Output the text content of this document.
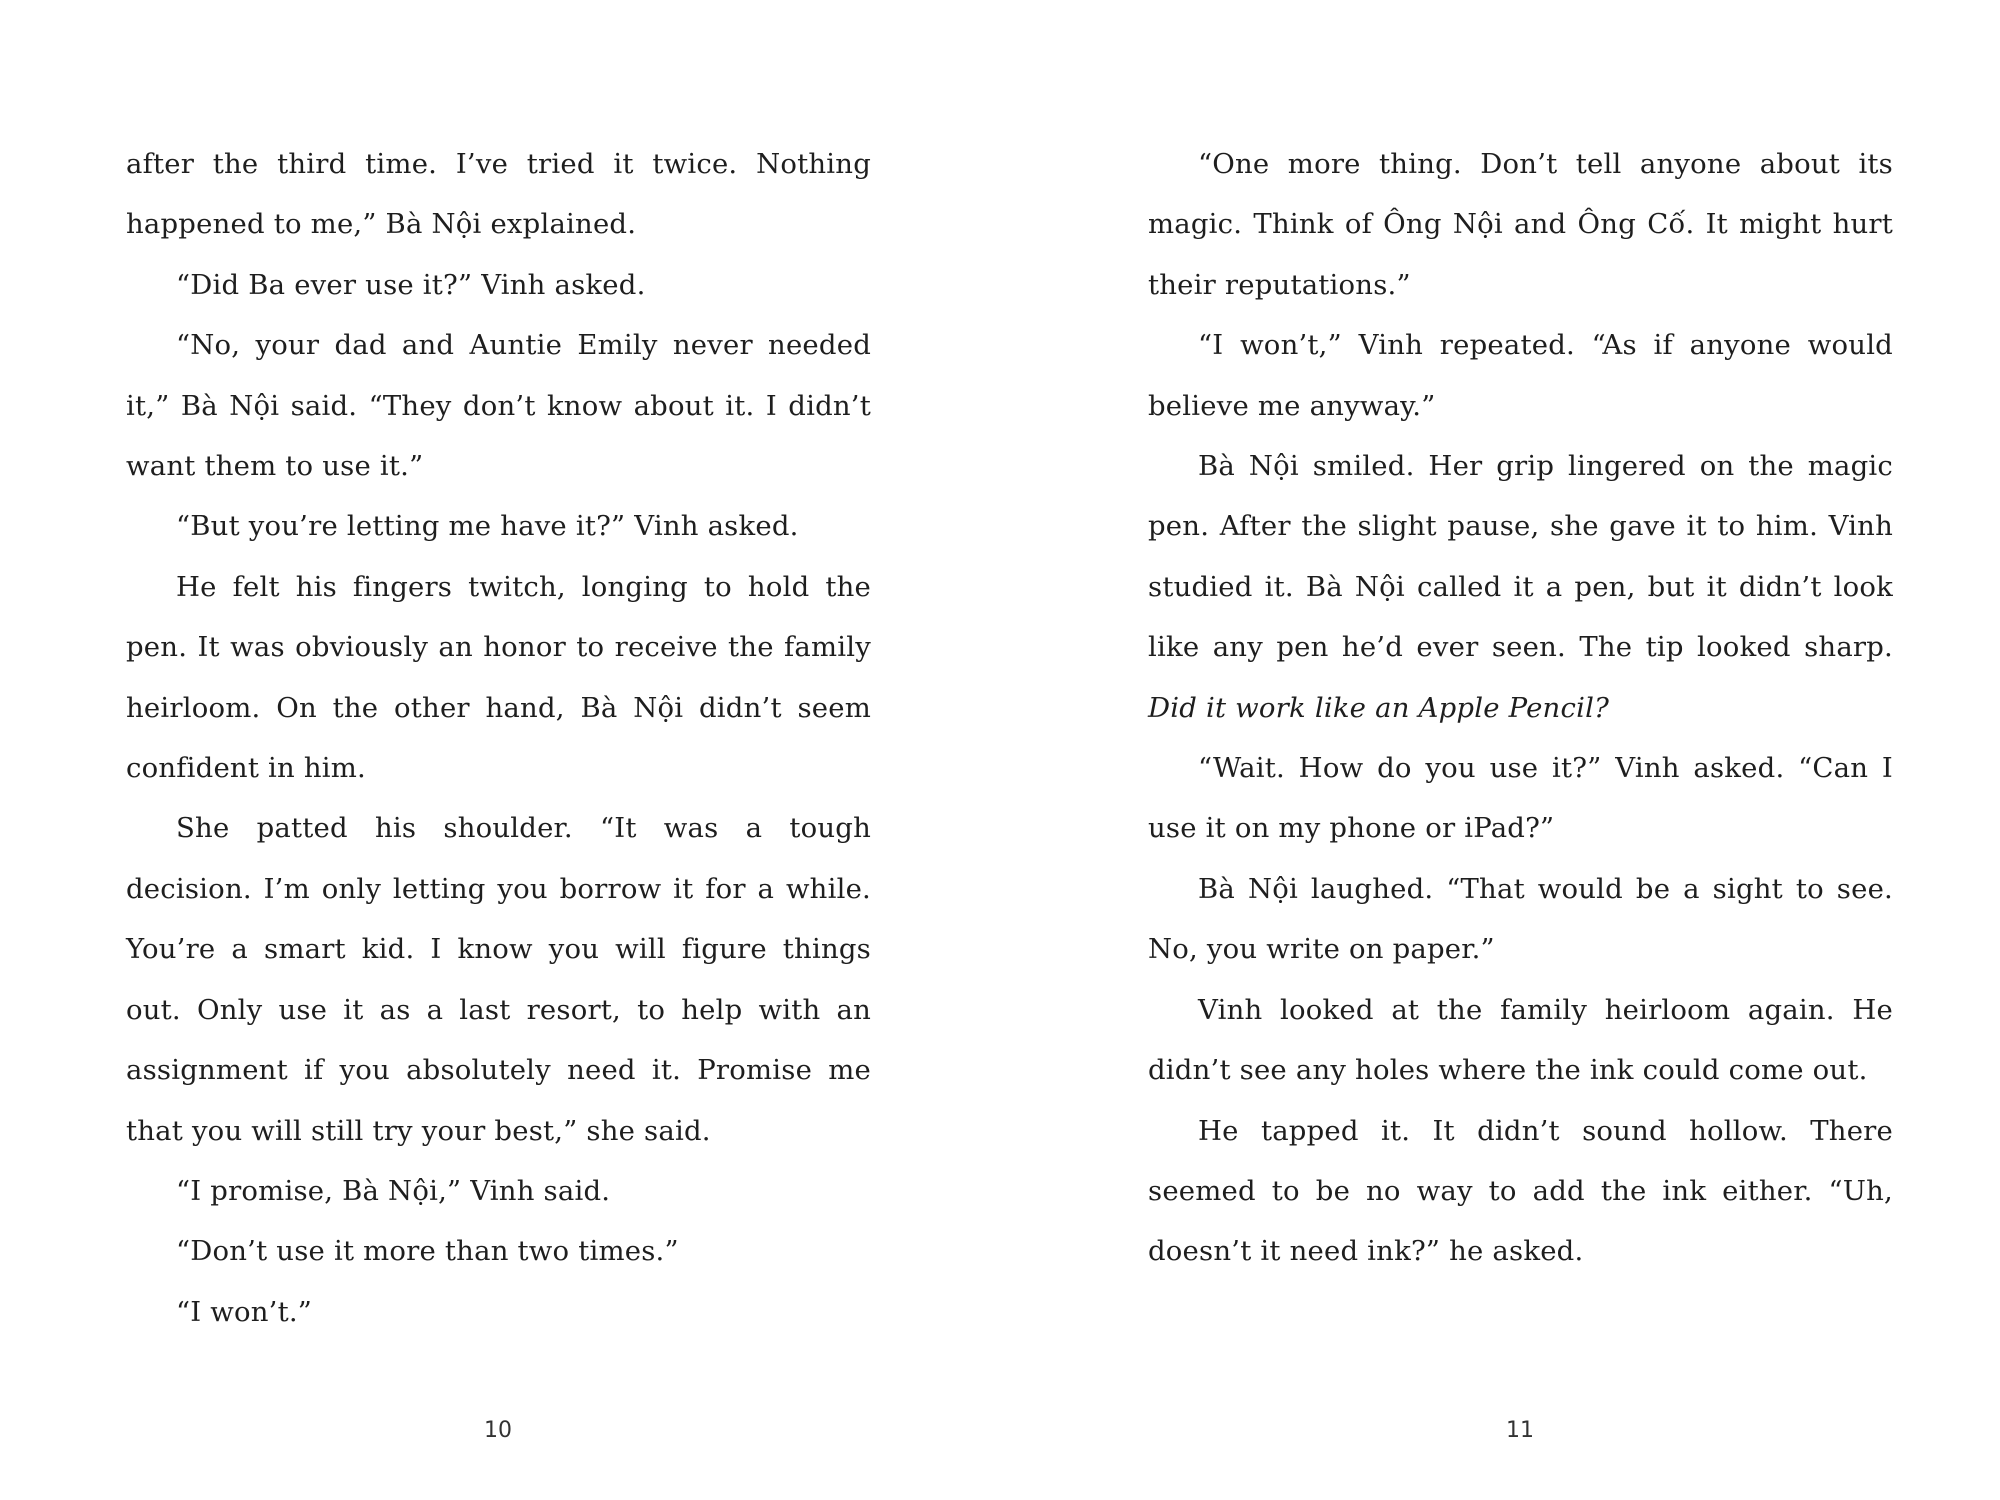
after the third time. I’ve tried it twice. Nothing happened to me,” Bà Nội explained.

“Did Ba ever use it?” Vinh asked.

“No, your dad and Auntie Emily never needed it,” Bà Nội said. “They don’t know about it. I didn’t want them to use it.”

“But you’re letting me have it?” Vinh asked.

He felt his fingers twitch, longing to hold the pen. It was obviously an honor to receive the family heirloom. On the other hand, Bà Nội didn’t seem confident in him.

She patted his shoulder. “It was a tough decision. I’m only letting you borrow it for a while. You’re a smart kid. I know you will figure things out. Only use it as a last resort, to help with an assignment if you absolutely need it. Promise me that you will still try your best,” she said.

“I promise, Bà Nội,” Vinh said.

“Don’t use it more than two times.”

“I won’t.”

10

“One more thing. Don’t tell anyone about its magic. Think of Ông Nội and Ông Cố. It might hurt their reputations.”

“I won’t,” Vinh repeated. “As if anyone would believe me anyway.”

Bà Nội smiled. Her grip lingered on the magic pen. After the slight pause, she gave it to him. Vinh studied it. Bà Nội called it a pen, but it didn’t look like any pen he’d ever seen. The tip looked sharp.

Did it work like an Apple Pencil?

“Wait. How do you use it?” Vinh asked. “Can I use it on my phone or iPad?”

Bà Nội laughed. “That would be a sight to see. No, you write on paper.”

Vinh looked at the family heirloom again. He didn’t see any holes where the ink could come out.

He tapped it. It didn’t sound hollow. There seemed to be no way to add the ink either. “Uh, doesn’t it need ink?” he asked.

11
